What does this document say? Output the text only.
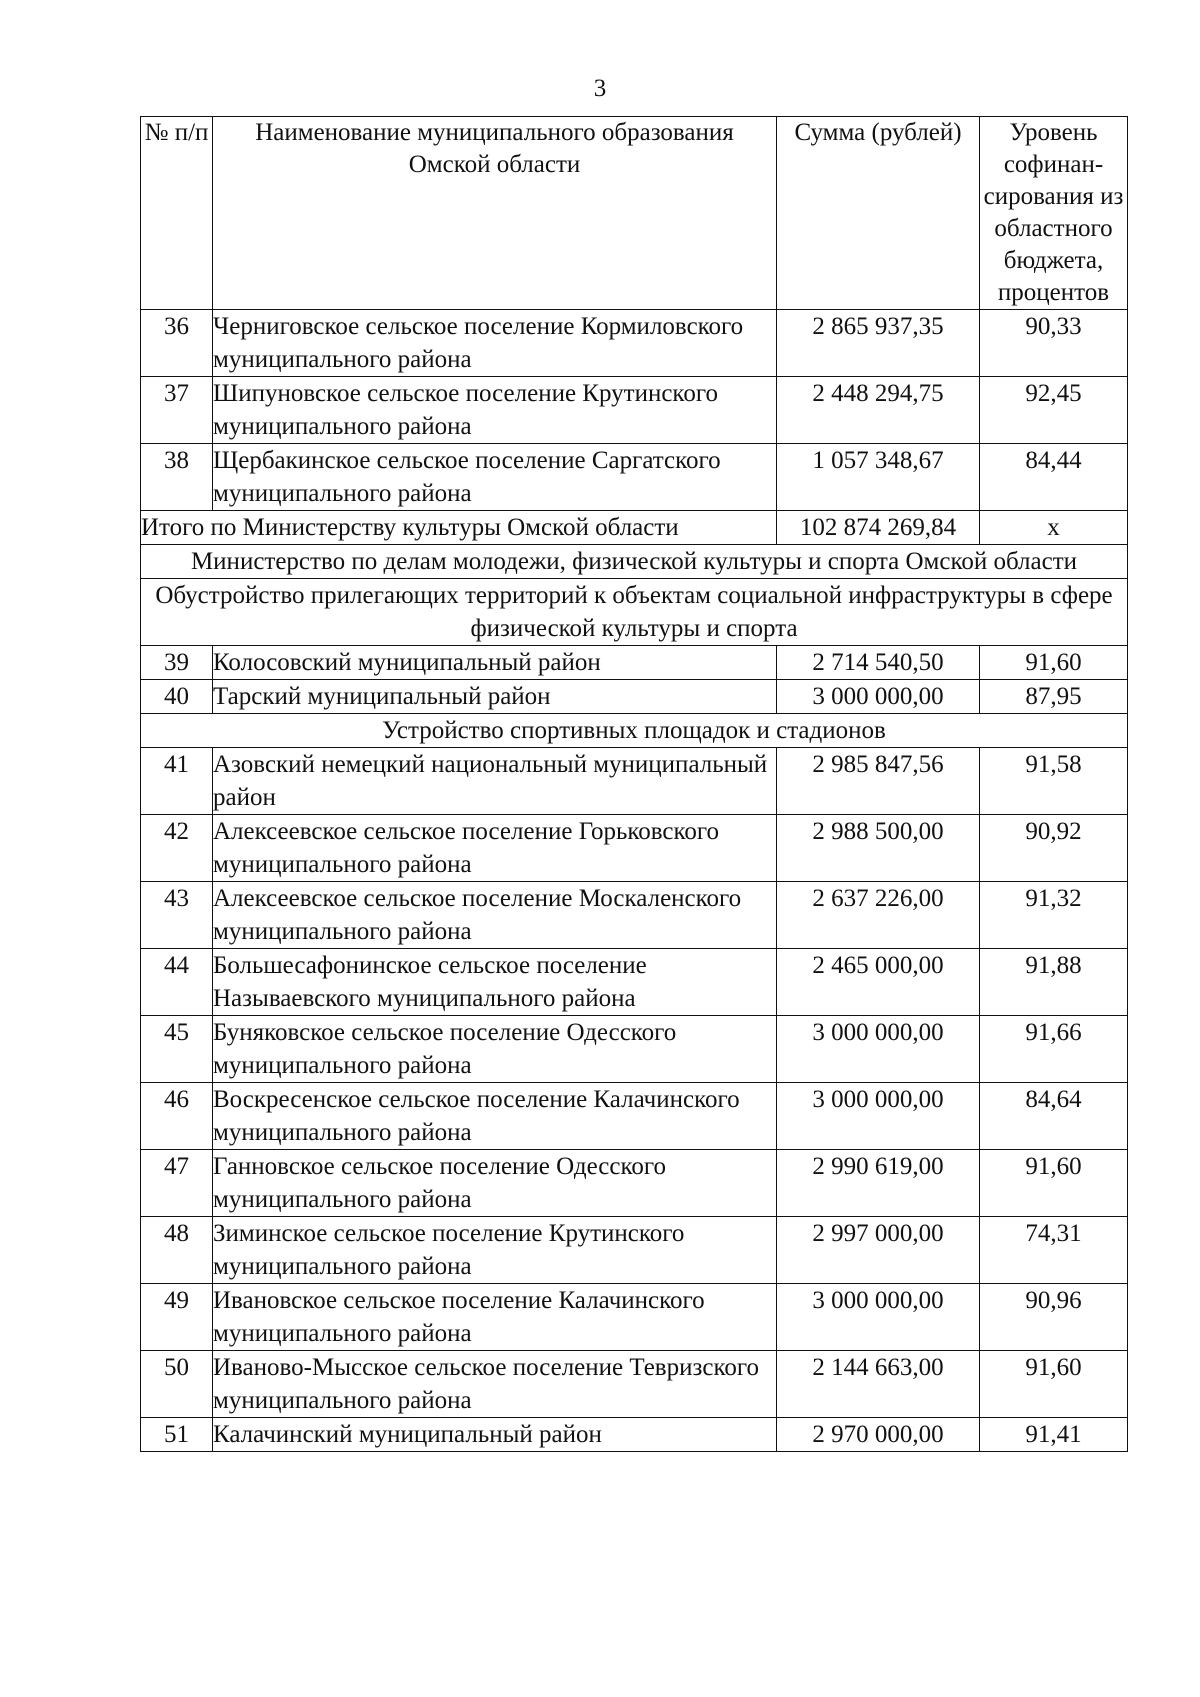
3
№ п/п	Наименование муниципального образования Омской области	Сумма (рублей)	Уровень софинан-сирования из областного бюджета, процентов
36	Черниговское сельское поселение Кормиловского муниципального района	2 865 937,35	90,33
37	Шипуновское сельское поселение Крутинского муниципального района	2 448 294,75	92,45
38	Щербакинское сельское поселение Саргатского муниципального района	1 057 348,67	84,44
Итого по Министерству культуры Омской области		102 874 269,84	х
Министерство по делам молодежи, физической культуры и спорта Омской области			
Обустройство прилегающих территорий к объектам социальной инфраструктуры в сфере физической культуры и спорта			
39	Колосовский муниципальный район	2 714 540,50	91,60
40	Тарский муниципальный район	3 000 000,00	87,95
Устройство спортивных площадок и стадионов			
41	Азовский немецкий национальный муниципальный район	2 985 847,56	91,58
42	Алексеевское сельское поселение Горьковского муниципального района	2 988 500,00	90,92
43	Алексеевское сельское поселение Москаленского муниципального района	2 637 226,00	91,32
44	Большесафонинское сельское поселение Называевского муниципального района	2 465 000,00	91,88
45	Буняковское сельское поселение Одесского муниципального района	3 000 000,00	91,66
46	Воскресенское сельское поселение Калачинского муниципального района	3 000 000,00	84,64
47	Ганновское сельское поселение Одесского муниципального района	2 990 619,00	91,60
48	Зиминское сельское поселение Крутинского муниципального района	2 997 000,00	74,31
49	Ивановское сельское поселение Калачинского муниципального района	3 000 000,00	90,96
50	Иваново-Мысское сельское поселение Тевризского муниципального района	2 144 663,00	91,60
51	Калачинский муниципальный район	2 970 000,00	91,41
